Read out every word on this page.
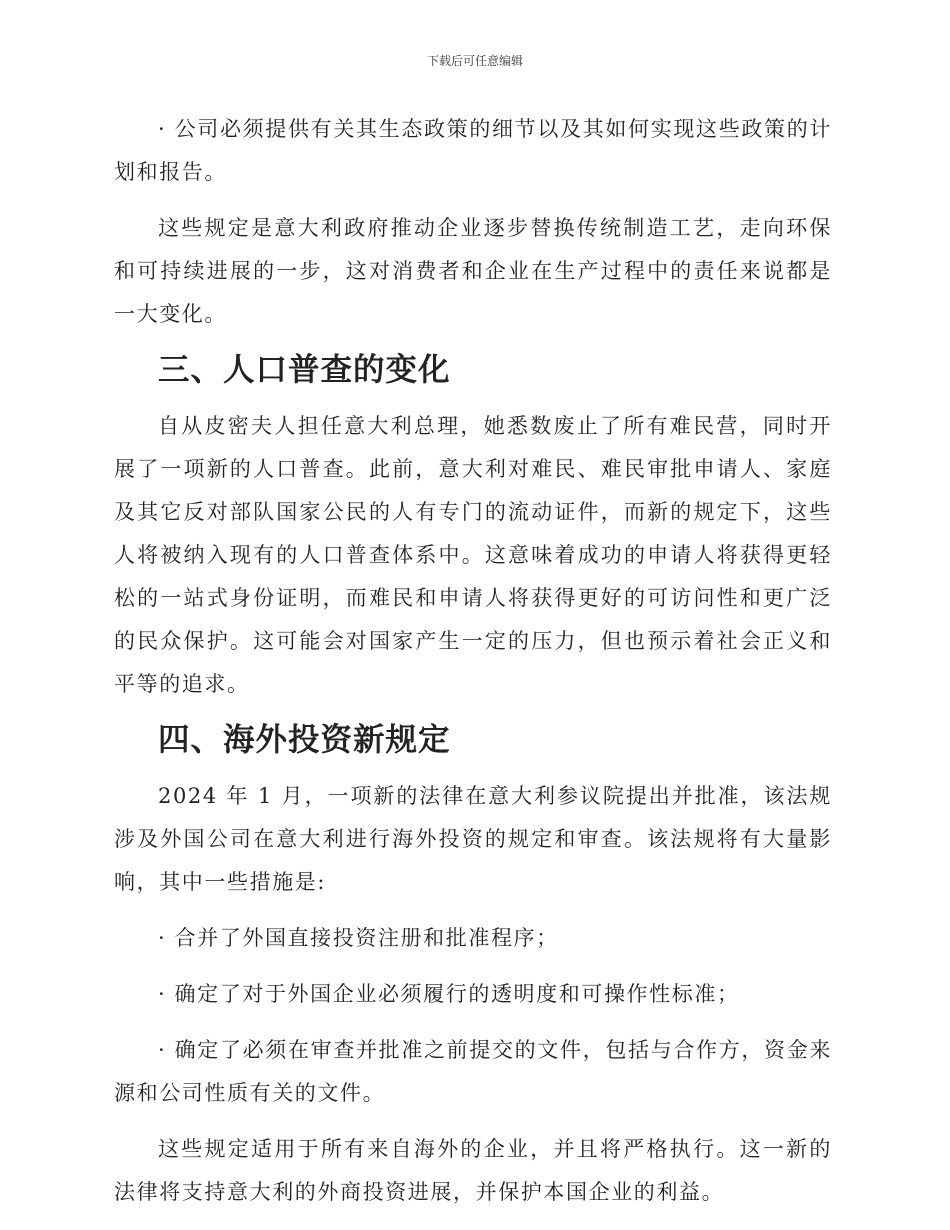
下载后可任意编辑

· 公司必须提供有关其生态政策的细节以及其如何实现这些政策的计划和报告。

这些规定是意大利政府推动企业逐步替换传统制造工艺，走向环保和可持续进展的一步，这对消费者和企业在生产过程中的责任来说都是一大变化。

三、人口普查的变化

自从皮密夫人担任意大利总理，她悉数废止了所有难民营，同时开展了一项新的人口普查。此前，意大利对难民、难民审批申请人、家庭及其它反对部队国家公民的人有专门的流动证件，而新的规定下，这些人将被纳入现有的人口普查体系中。这意味着成功的申请人将获得更轻松的一站式身份证明，而难民和申请人将获得更好的可访问性和更广泛的民众保护。这可能会对国家产生一定的压力，但也预示着社会正义和平等的追求。

四、海外投资新规定

2024 年 1 月，一项新的法律在意大利参议院提出并批准，该法规涉及外国公司在意大利进行海外投资的规定和审查。该法规将有大量影响，其中一些措施是:

· 合并了外国直接投资注册和批准程序；

· 确定了对于外国企业必须履行的透明度和可操作性标准；

· 确定了必须在审查并批准之前提交的文件，包括与合作方，资金来源和公司性质有关的文件。

这些规定适用于所有来自海外的企业，并且将严格执行。这一新的法律将支持意大利的外商投资进展，并保护本国企业的利益。
